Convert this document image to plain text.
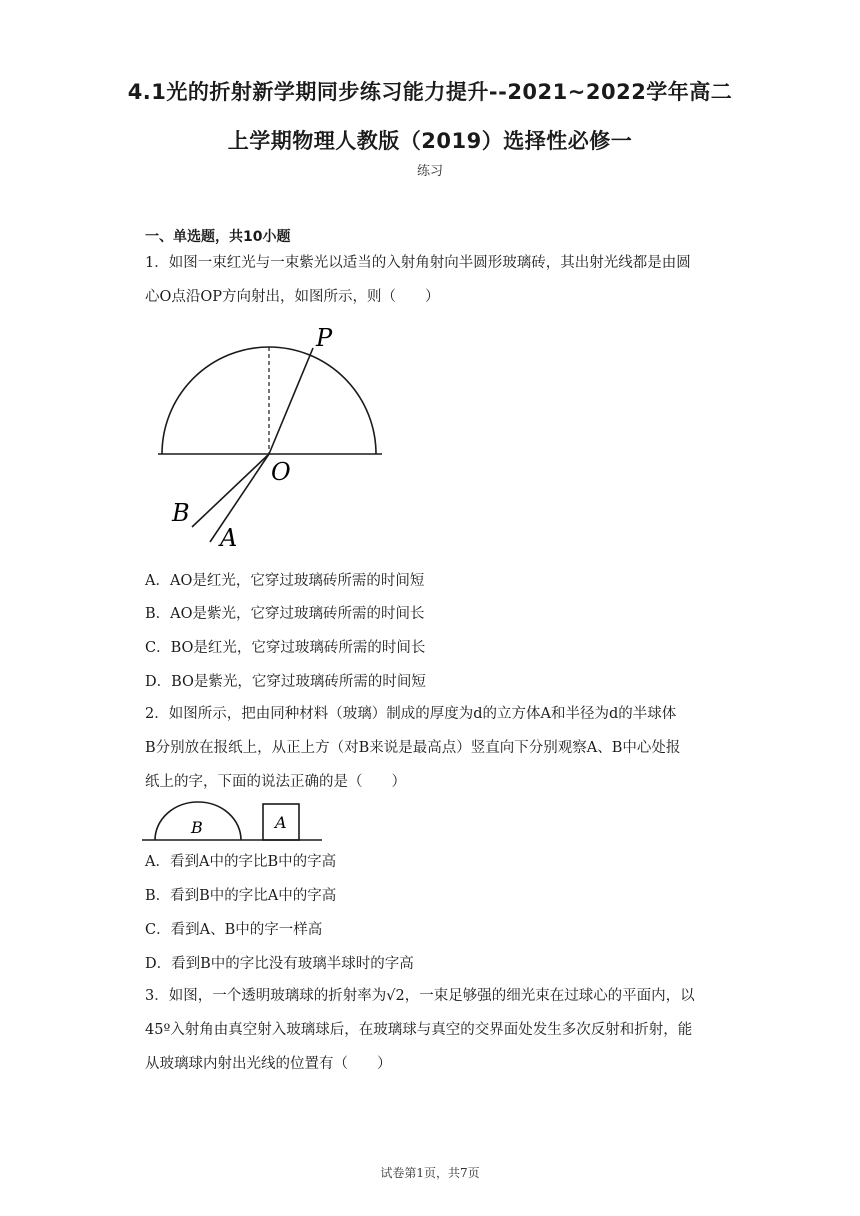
4.1光的折射新学期同步练习能力提升--2021~2022学年高二
上学期物理人教版（2019）选择性必修一
练习
一、单选题，共10小题
1．如图一束红光与一束紫光以适当的入射角射向半圆形玻璃砖，其出射光线都是由圆
心O点沿OP方向射出，如图所示，则（　　）
P
O
B
A
A．AO是红光，它穿过玻璃砖所需的时间短
B．AO是紫光，它穿过玻璃砖所需的时间长
C．BO是红光，它穿过玻璃砖所需的时间长
D．BO是紫光，它穿过玻璃砖所需的时间短
2．如图所示，把由同种材料（玻璃）制成的厚度为d的立方体A和半径为d的半球体
B分别放在报纸上，从正上方（对B来说是最高点）竖直向下分别观察A、B中心处报
纸上的字，下面的说法正确的是（　　）
B	A
A．看到A中的字比B中的字高
B．看到B中的字比A中的字高
C．看到A、B中的字一样高
D．看到B中的字比没有玻璃半球时的字高
3．如图，一个透明玻璃球的折射率为√2，一束足够强的细光束在过球心的平面内，以
45º入射角由真空射入玻璃球后，在玻璃球与真空的交界面处发生多次反射和折射，能
从玻璃球内射出光线的位置有（　　）
试卷第1页，共7页
